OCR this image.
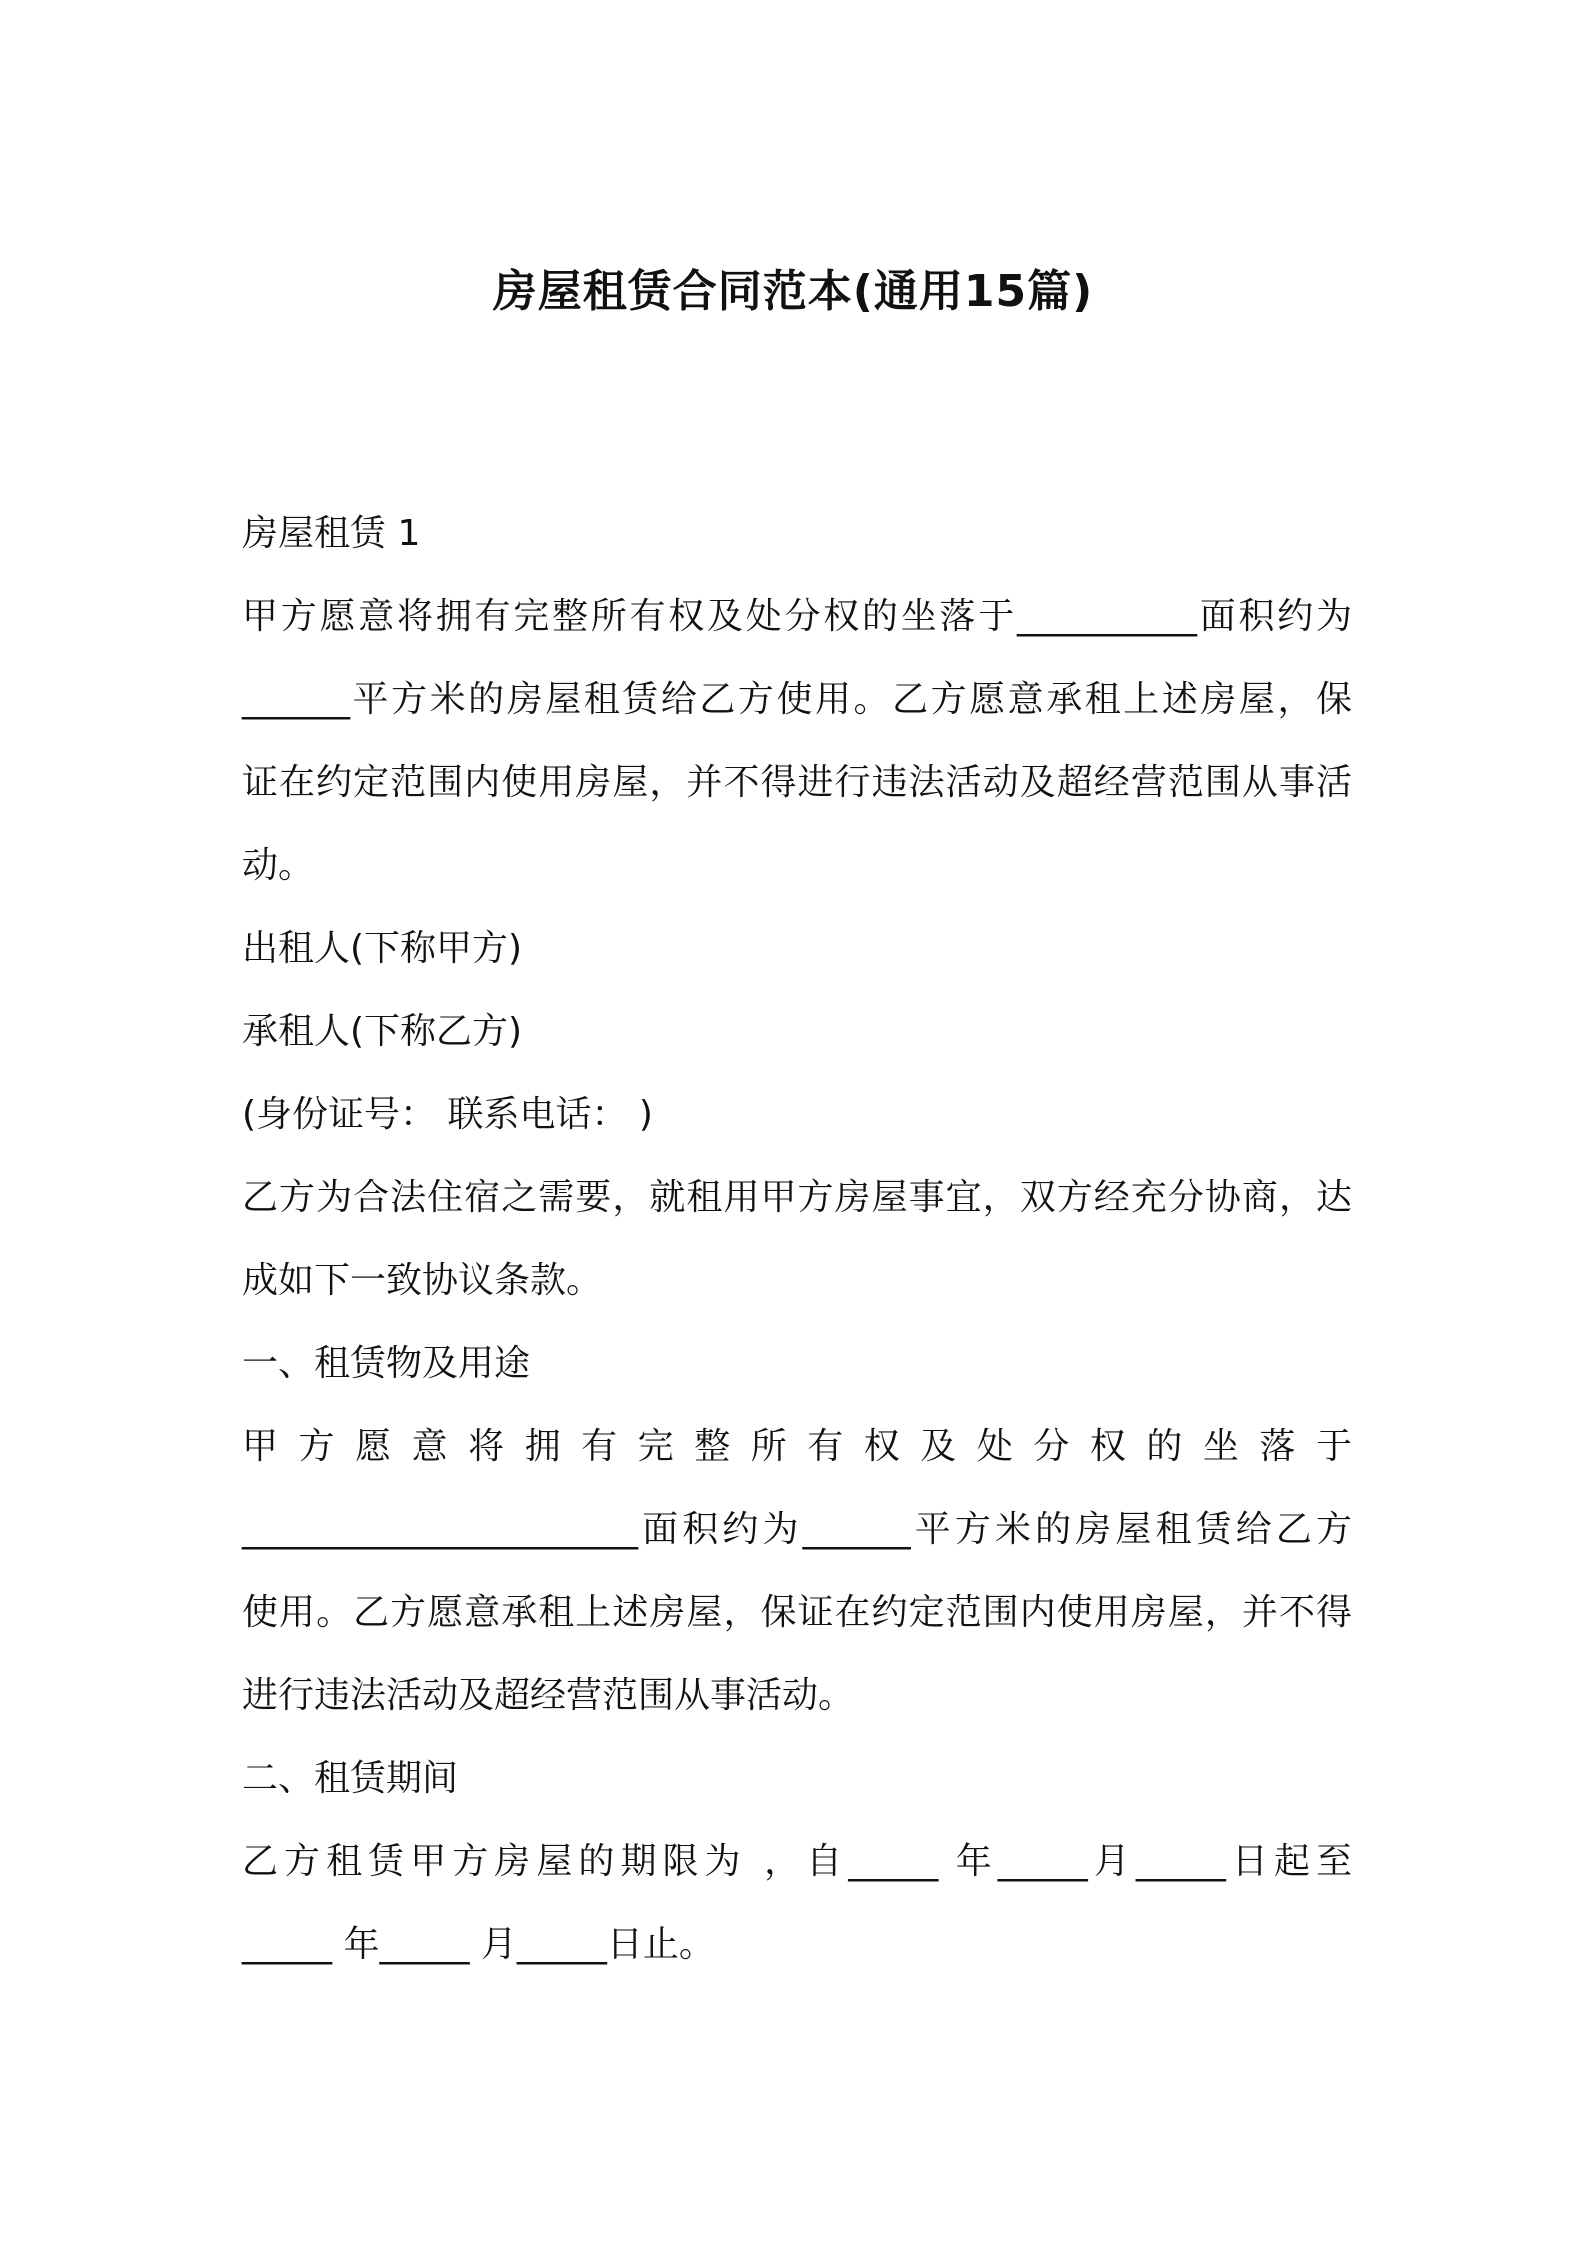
房屋租赁合同范本(通用15篇)
房屋租赁 1
甲方愿意将拥有完整所有权及处分权的坐落于__________面积约为
______平方米的房屋租赁给乙方使用。乙方愿意承租上述房屋，保
证在约定范围内使用房屋，并不得进行违法活动及超经营范围从事活
动。
出租人(下称甲方)
承租人(下称乙方)
(身份证号： 联系电话： )
乙方为合法住宿之需要，就租用甲方房屋事宜，双方经充分协商，达
成如下一致协议条款。
一、租赁物及用途
甲方愿意将拥有完整所有权及处分权的坐落于
______________________面积约为______平方米的房屋租赁给乙方
使用。乙方愿意承租上述房屋，保证在约定范围内使用房屋，并不得
进行违法活动及超经营范围从事活动。
二、租赁期间
乙方租赁甲方房屋的期限为 ，自_____ 年_____月_____日起至
_____ 年_____ 月_____日止。
